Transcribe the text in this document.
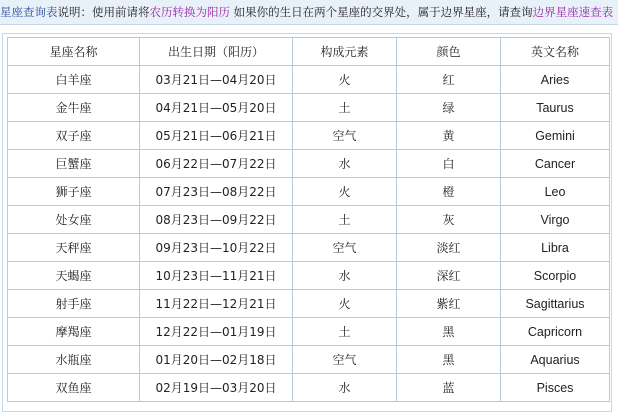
星座查询表说明：使用前请将农历转换为阳历 如果你的生日在两个星座的交界处，属于边界星座，请查询边界星座速查表
星座名称	出生日期（阳历）	构成元素	颜色	英文名称
白羊座	03月21日—04月20日	火	红	Aries
金牛座	04月21日—05月20日	土	绿	Taurus
双子座	05月21日—06月21日	空气	黄	Gemini
巨蟹座	06月22日—07月22日	水	白	Cancer
狮子座	07月23日—08月22日	火	橙	Leo
处女座	08月23日—09月22日	土	灰	Virgo
天秤座	09月23日—10月22日	空气	淡红	Libra
天蝎座	10月23日—11月21日	水	深红	Scorpio
射手座	11月22日—12月21日	火	紫红	Sagittarius
摩羯座	12月22日—01月19日	土	黑	Capricorn
水瓶座	01月20日—02月18日	空气	黑	Aquarius
双鱼座	02月19日—03月20日	水	蓝	Pisces
